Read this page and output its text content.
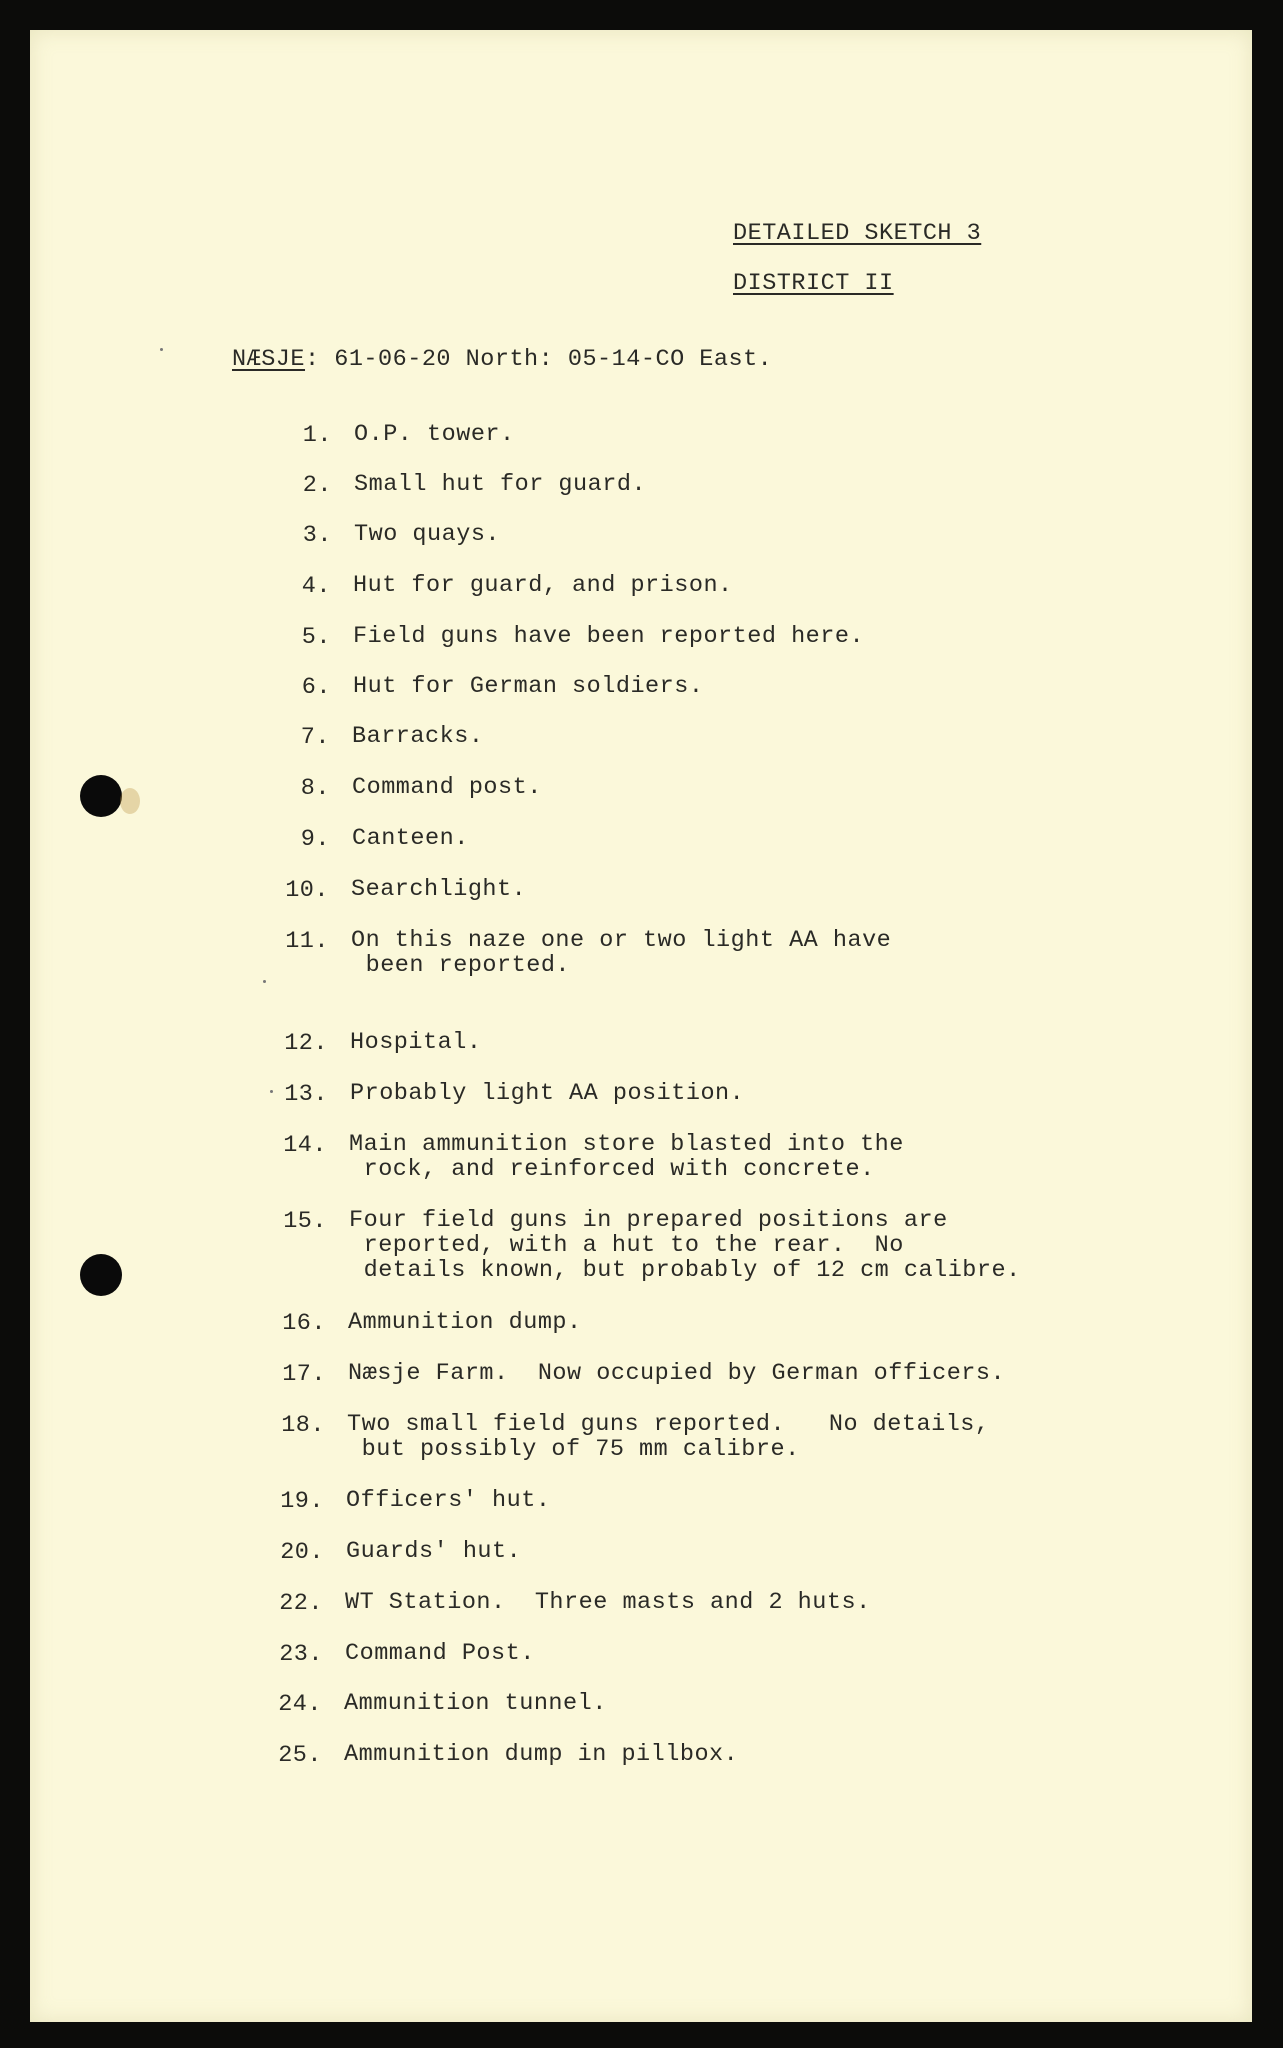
DETAILED SKETCH 3
DISTRICT II
NÆSJE: 61-06-20 North: 05-14-CO East.
1. O.P. tower.
2. Small hut for guard.
3. Two quays.
4. Hut for guard, and prison.
5. Field guns have been reported here.
6. Hut for German soldiers.
7. Barracks.
8. Command post.
9. Canteen.
10. Searchlight.
11. On this naze one or two light AA have
been reported.
12. Hospital.
13. Probably light AA position.
14. Main ammunition store blasted into the
rock, and reinforced with concrete.
15. Four field guns in prepared positions are
reported, with a hut to the rear.  No
details known, but probably of 12 cm calibre.
16. Ammunition dump.
17. Næsje Farm.  Now occupied by German officers.
18. Two small field guns reported.   No details,
but possibly of 75 mm calibre.
19. Officers' hut.
20. Guards' hut.
22. WT Station.  Three masts and 2 huts.
23. Command Post.
24. Ammunition tunnel.
25. Ammunition dump in pillbox.
